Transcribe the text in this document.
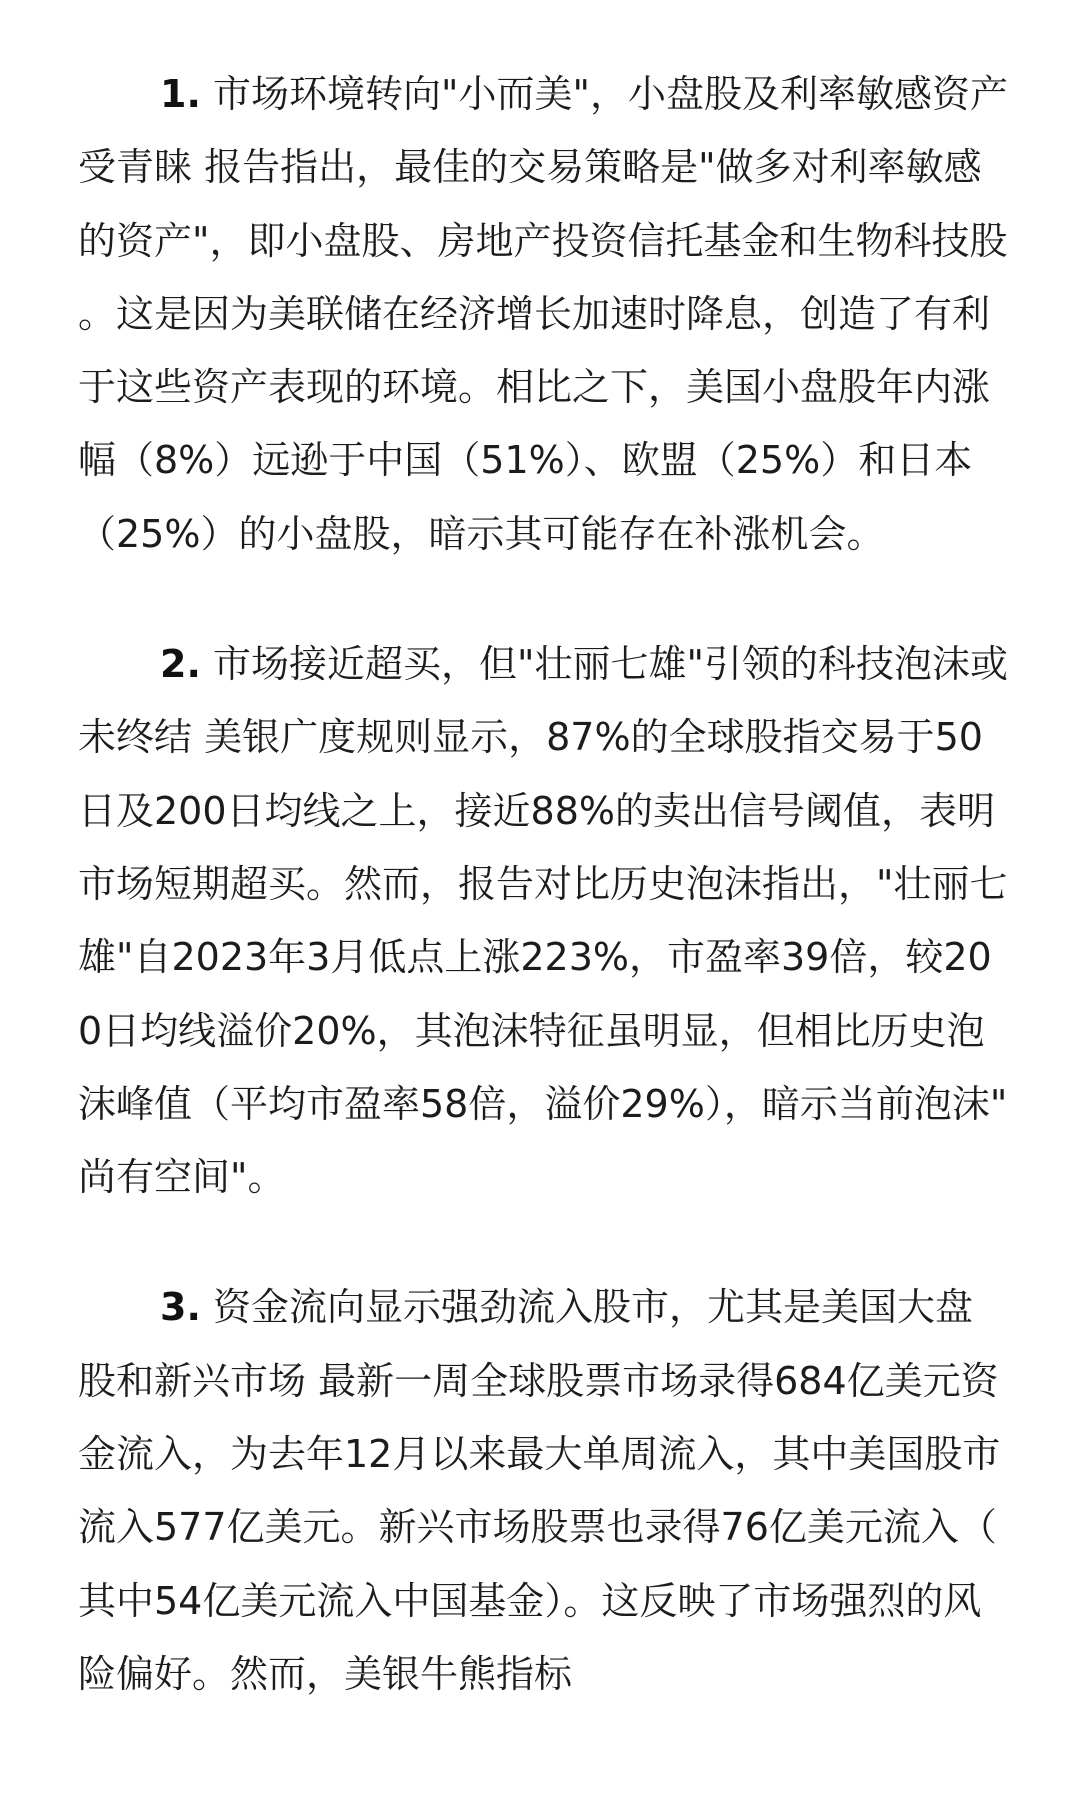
1. 市场环境转向"小而美"，小盘股及利率敏感资产受青睐 报告指出，最佳的交易策略是"做多对利率敏感的资产"，即小盘股、房地产投资信托基金和生物科技股。这是因为美联储在经济增长加速时降息，创造了有利于这些资产表现的环境。相比之下，美国小盘股年内涨幅（8%）远逊于中国（51%）、欧盟（25%）和日本（25%）的小盘股，暗示其可能存在补涨机会。

2. 市场接近超买，但"壮丽七雄"引领的科技泡沫或未终结 美银广度规则显示，87%的全球股指交易于50日及200日均线之上，接近88%的卖出信号阈值，表明市场短期超买。然而，报告对比历史泡沫指出，"壮丽七雄"自2023年3月低点上涨223%，市盈率39倍，较200日均线溢价20%，其泡沫特征虽明显，但相比历史泡沫峰值（平均市盈率58倍，溢价29%），暗示当前泡沫"尚有空间"。

3. 资金流向显示强劲流入股市，尤其是美国大盘股和新兴市场 最新一周全球股票市场录得684亿美元资金流入，为去年12月以来最大单周流入，其中美国股市流入577亿美元。新兴市场股票也录得76亿美元流入（其中54亿美元流入中国基金）。这反映了市场强烈的风险偏好。然而，美银牛熊指标
